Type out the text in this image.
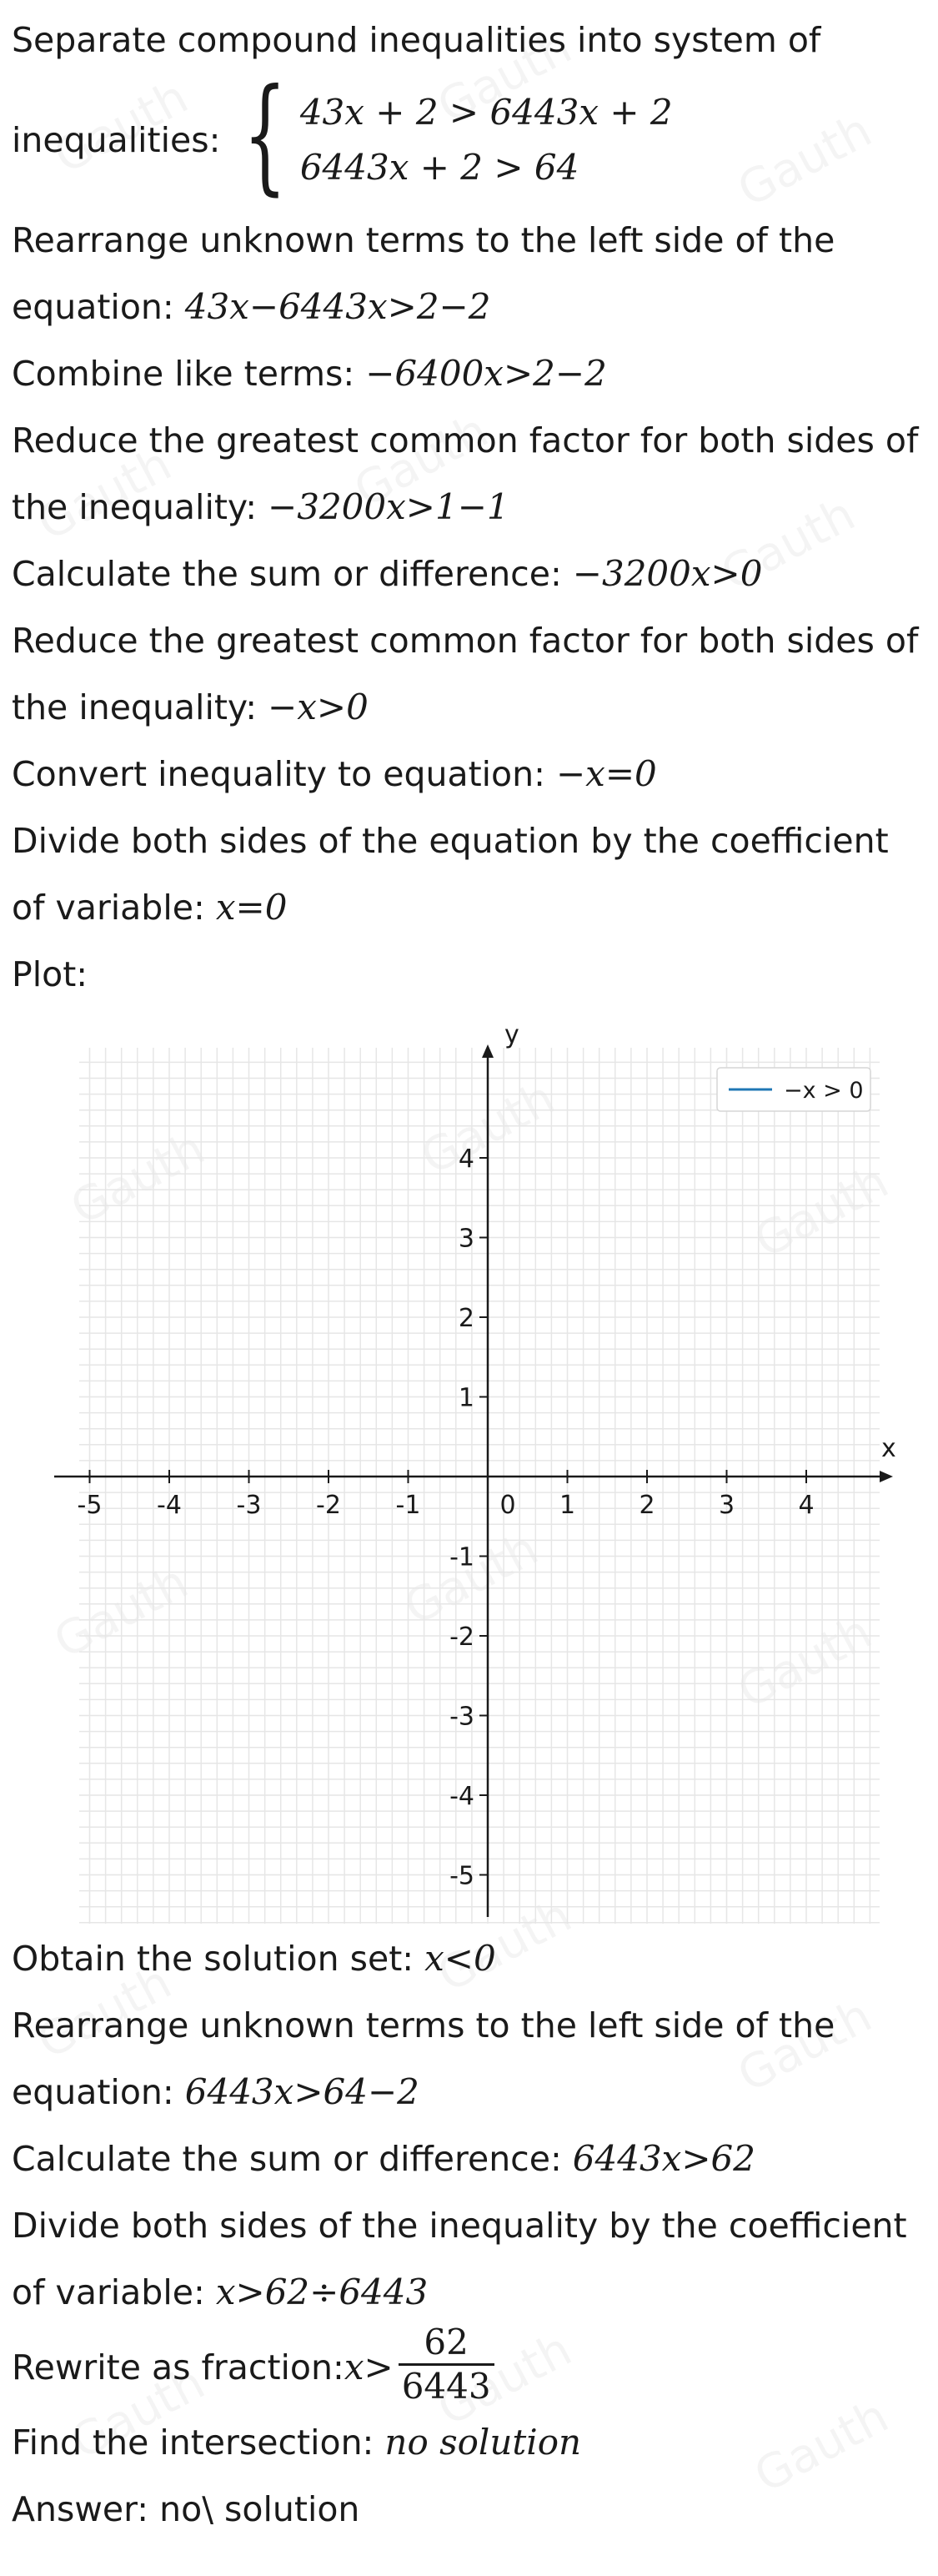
Separate compound inequalities into system of
inequalities: { 43x + 2 > 6443x + 2
6443x + 2 > 64
Rearrange unknown terms to the left side of the
equation: 43x−6443x>2−2
Combine like terms: −6400x>2−2
Reduce the greatest common factor for both sides of
the inequality: −3200x>1−1
Calculate the sum or difference: −3200x>0
Reduce the greatest common factor for both sides of
the inequality: −x>0
Convert inequality to equation: −x=0
Divide both sides of the equation by the coefficient
of variable: x=0
Plot:
x
y
-5 -4 -3 -2 -1	0 1	2	3	4
-5
-4
-3
-2
-1
1
2
3
4
−x > 0
Obtain the solution set: x<0
Rearrange unknown terms to the left side of the
equation: 6443x>64−2
Calculate the sum or difference: 6443x>62
Divide both sides of the inequality by the coefficient
of variable: x>62÷6443
Rewrite as fraction: $x> \frac{62}{6443}$
Find the intersection: no solution
Answer: no\ solution
